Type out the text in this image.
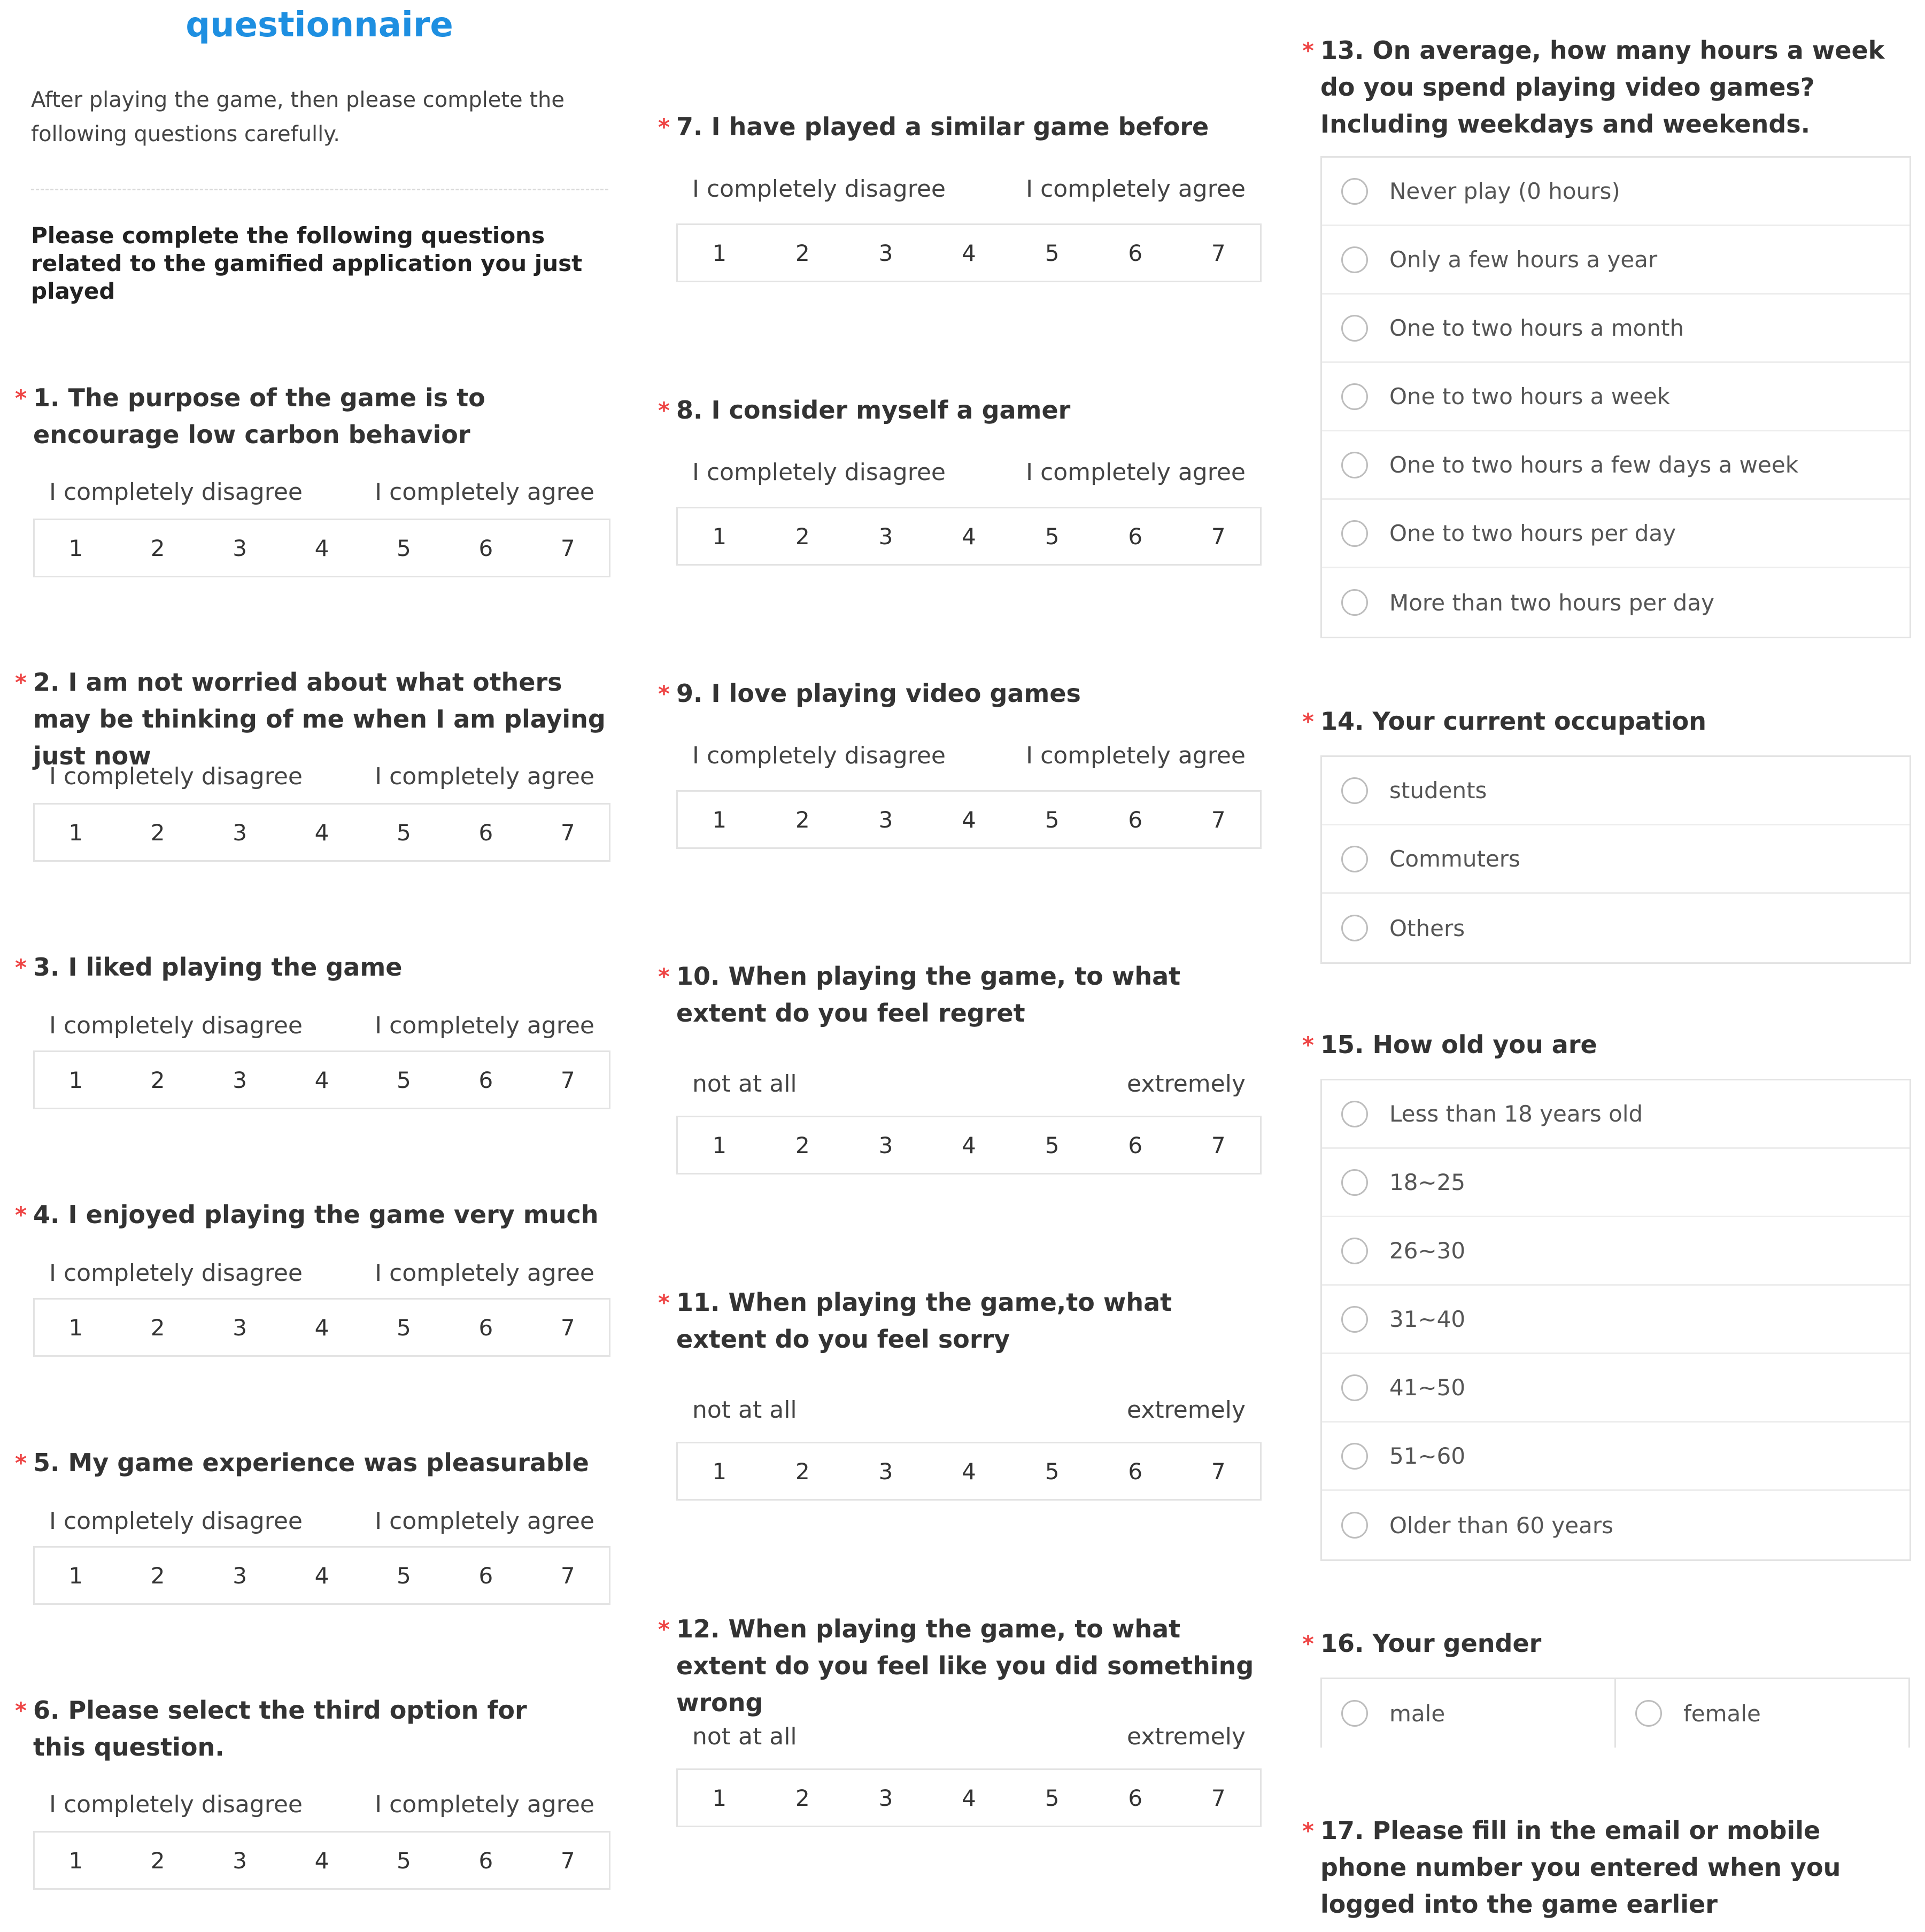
questionnaire
After playing the game, then please complete the following questions carefully.
Please complete the following questions related to the gamified application you just played
* 1. The purpose of the game is to encourage low carbon behavior
I completely disagree	I completely agree
1	2	3	4	5	6	7
* 2. I am not worried about what others may be thinking of me when I am playing just now
I completely disagree	I completely agree
1	2	3	4	5	6	7
* 3. I liked playing the game
I completely disagree	I completely agree
1	2	3	4	5	6	7
* 4. I enjoyed playing the game very much
I completely disagree	I completely agree
1	2	3	4	5	6	7
* 5. My game experience was pleasurable
I completely disagree	I completely agree
1	2	3	4	5	6	7
* 6. Please select the third option for this question.
I completely disagree	I completely agree
1	2	3	4	5	6	7
* 7. I have played a similar game before
I completely disagree	I completely agree
1	2	3	4	5	6	7
* 8. I consider myself a gamer
I completely disagree	I completely agree
1	2	3	4	5	6	7
* 9. I love playing video games
I completely disagree	I completely agree
1	2	3	4	5	6	7
* 10. When playing the game, to what extent do you feel regret
not at all	extremely
1	2	3	4	5	6	7
* 11. When playing the game,to what extent do you feel sorry
not at all	extremely
1	2	3	4	5	6	7
* 12. When playing the game, to what extent do you feel like you did something wrong
not at all	extremely
1	2	3	4	5	6	7
* 13. On average, how many hours a week do you spend playing video games? Including weekdays and weekends.
Never play (0 hours)
Only a few hours a year
One to two hours a month
One to two hours a week
One to two hours a few days a week
One to two hours per day
More than two hours per day
* 14. Your current occupation
students
Commuters
Others
* 15. How old you are
Less than 18 years old
18~25
26~30
31~40
41~50
51~60
Older than 60 years
* 16. Your gender
male	female
* 17. Please fill in the email or mobile phone number you entered when you logged into the game earlier
